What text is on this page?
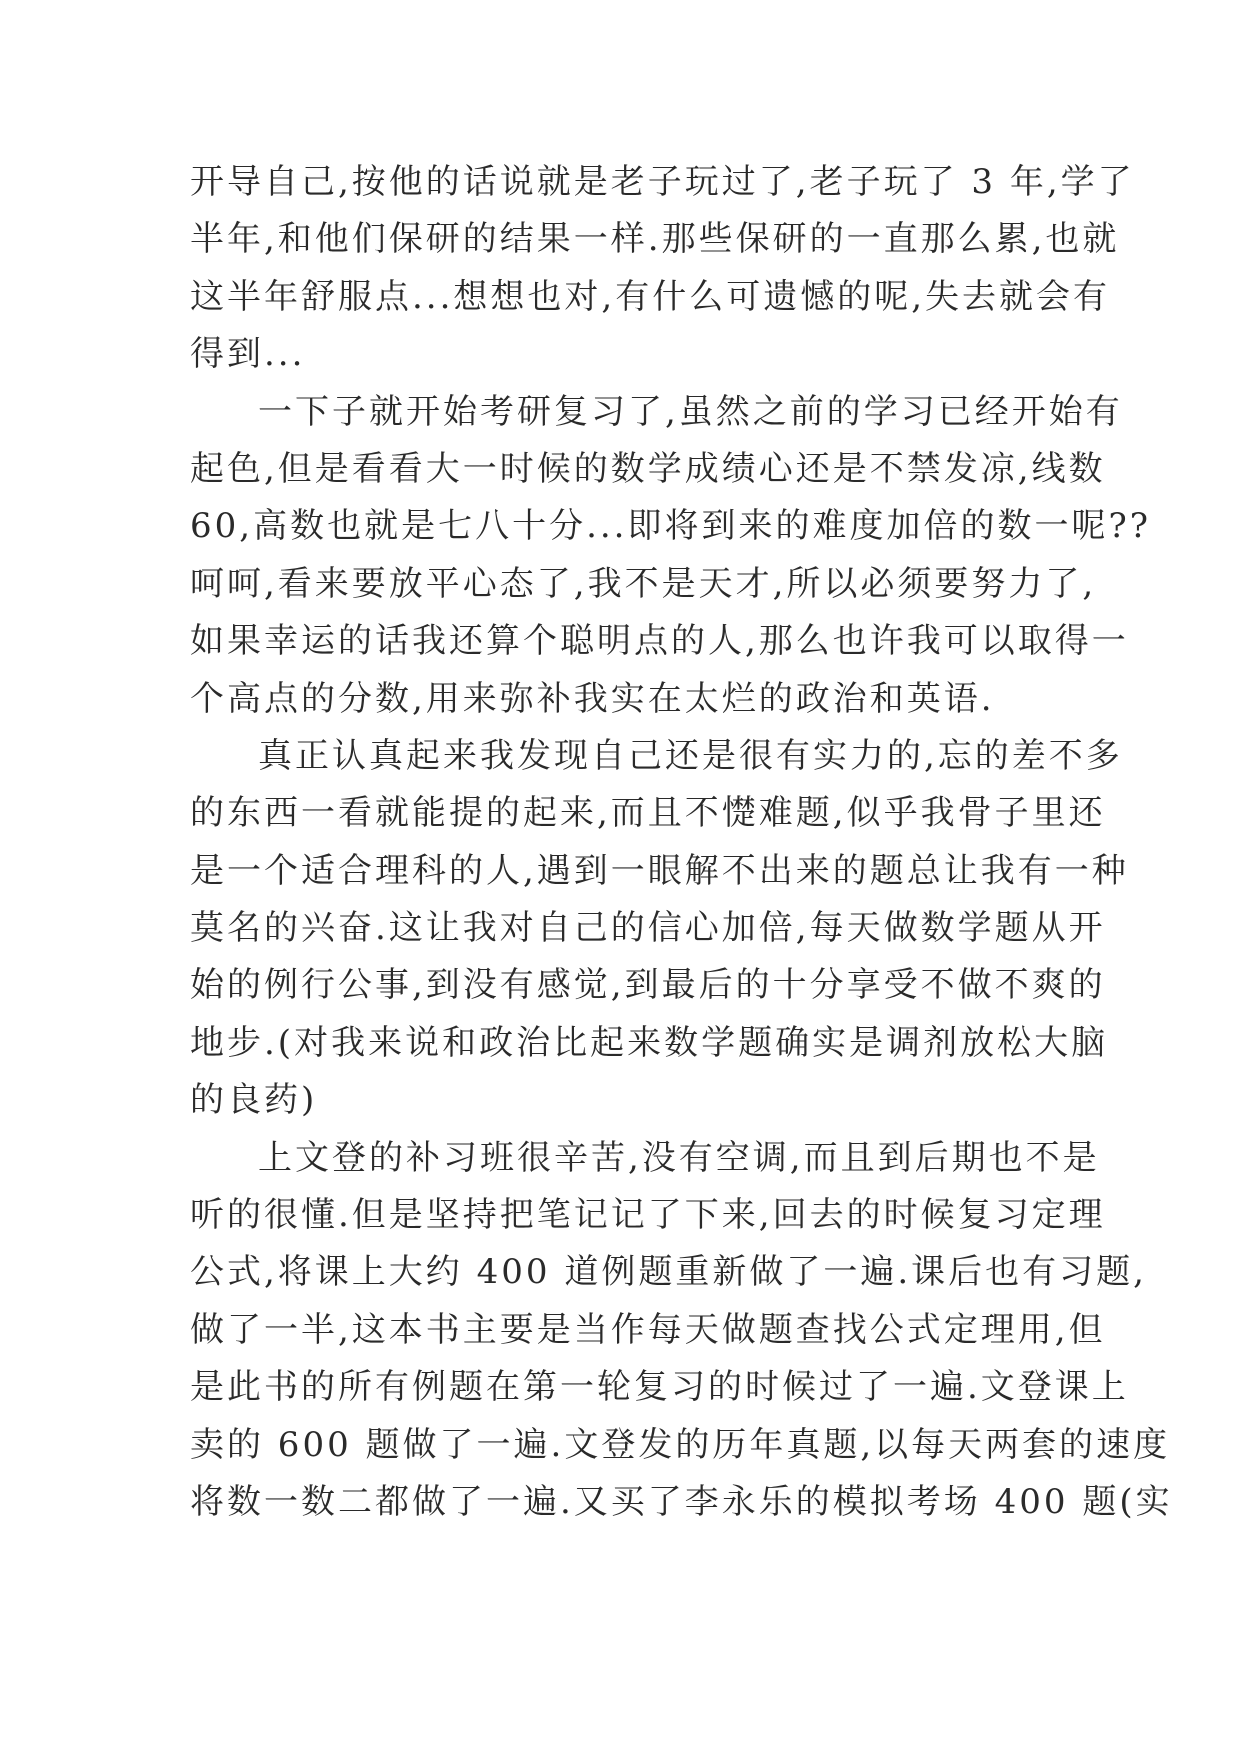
开导自己,按他的话说就是老子玩过了,老子玩了 3 年,学了
半年,和他们保研的结果一样.那些保研的一直那么累,也就
这半年舒服点...想想也对,有什么可遗憾的呢,失去就会有
得到...
一下子就开始考研复习了,虽然之前的学习已经开始有
起色,但是看看大一时候的数学成绩心还是不禁发凉,线数
60,高数也就是七八十分...即将到来的难度加倍的数一呢??
呵呵,看来要放平心态了,我不是天才,所以必须要努力了,
如果幸运的话我还算个聪明点的人,那么也许我可以取得一
个高点的分数,用来弥补我实在太烂的政治和英语.
真正认真起来我发现自己还是很有实力的,忘的差不多
的东西一看就能提的起来,而且不憷难题,似乎我骨子里还
是一个适合理科的人,遇到一眼解不出来的题总让我有一种
莫名的兴奋.这让我对自己的信心加倍,每天做数学题从开
始的例行公事,到没有感觉,到最后的十分享受不做不爽的
地步.(对我来说和政治比起来数学题确实是调剂放松大脑
的良药)
上文登的补习班很辛苦,没有空调,而且到后期也不是
听的很懂.但是坚持把笔记记了下来,回去的时候复习定理
公式,将课上大约 400 道例题重新做了一遍.课后也有习题,
做了一半,这本书主要是当作每天做题查找公式定理用,但
是此书的所有例题在第一轮复习的时候过了一遍.文登课上
卖的 600 题做了一遍.文登发的历年真题,以每天两套的速度
将数一数二都做了一遍.又买了李永乐的模拟考场 400 题(实
